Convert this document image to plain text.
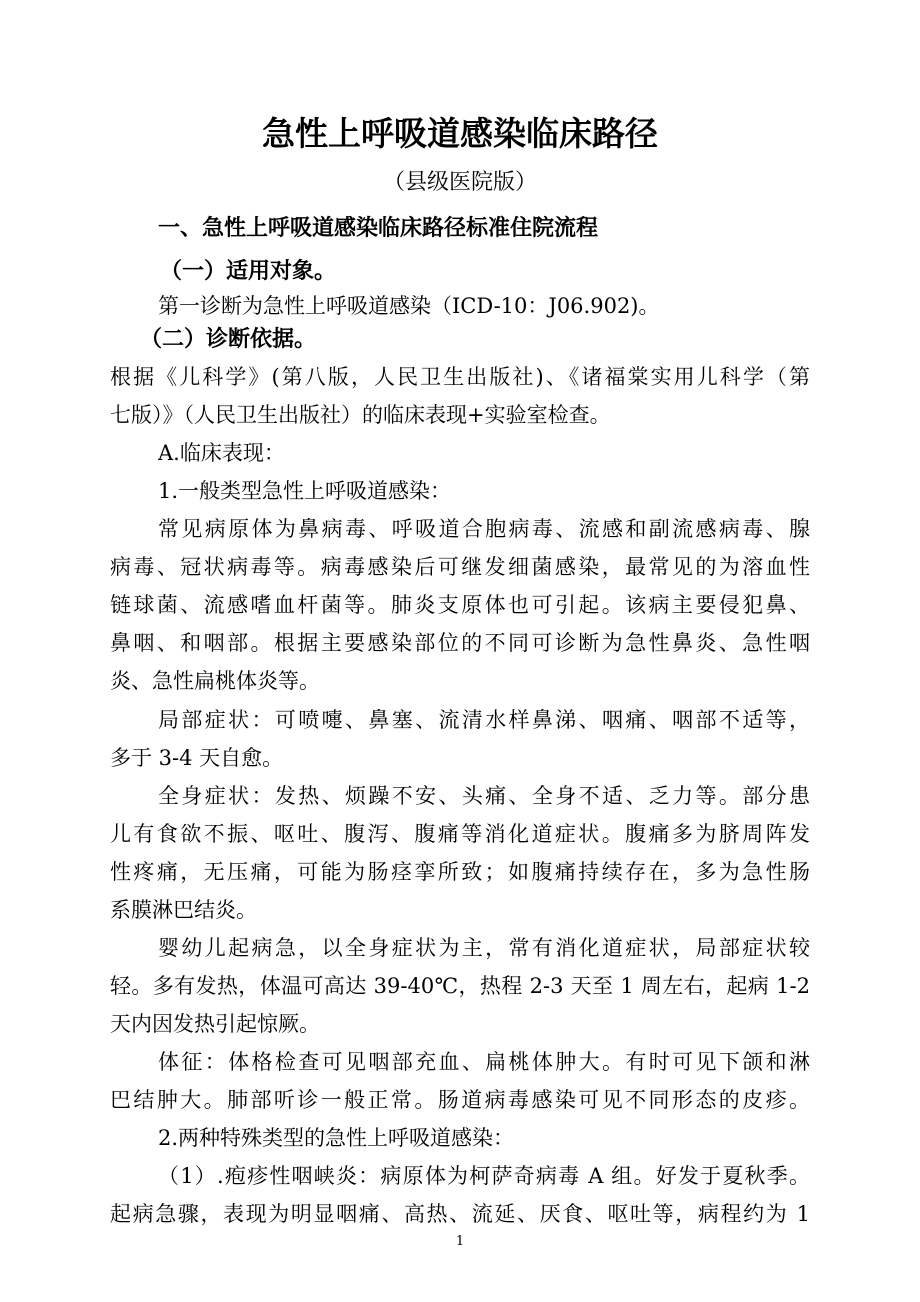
急性上呼吸道感染临床路径
（县级医院版）
一、急性上呼吸道感染临床路径标准住院流程
（一）适用对象。
第一诊断为急性上呼吸道感染（ICD-10：J06.902)。
（二）诊断依据。
根据《儿科学》(第八版，人民卫生出版社)、《诸福棠实用儿科学（第
七版）》（人民卫生出版社）的临床表现+实验室检查。
A.临床表现：
1.一般类型急性上呼吸道感染：
常见病原体为鼻病毒、呼吸道合胞病毒、流感和副流感病毒、腺
病毒、冠状病毒等。病毒感染后可继发细菌感染，最常见的为溶血性
链球菌、流感嗜血杆菌等。肺炎支原体也可引起。该病主要侵犯鼻、
鼻咽、和咽部。根据主要感染部位的不同可诊断为急性鼻炎、急性咽
炎、急性扁桃体炎等。
局部症状：可喷嚏、鼻塞、流清水样鼻涕、咽痛、咽部不适等，
多于 3-4 天自愈。
全身症状：发热、烦躁不安、头痛、全身不适、乏力等。部分患
儿有食欲不振、呕吐、腹泻、腹痛等消化道症状。腹痛多为脐周阵发
性疼痛，无压痛，可能为肠痉挛所致；如腹痛持续存在，多为急性肠
系膜淋巴结炎。
婴幼儿起病急，以全身症状为主，常有消化道症状，局部症状较
轻。多有发热，体温可高达 39-40℃，热程 2-3 天至 1 周左右，起病 1-2
天内因发热引起惊厥。
体征：体格检查可见咽部充血、扁桃体肿大。有时可见下颌和淋
巴结肿大。肺部听诊一般正常。肠道病毒感染可见不同形态的皮疹。
2.两种特殊类型的急性上呼吸道感染：
（1）.疱疹性咽峡炎：病原体为柯萨奇病毒 A 组。好发于夏秋季。
起病急骤，表现为明显咽痛、高热、流延、厌食、呕吐等，病程约为 1
1
